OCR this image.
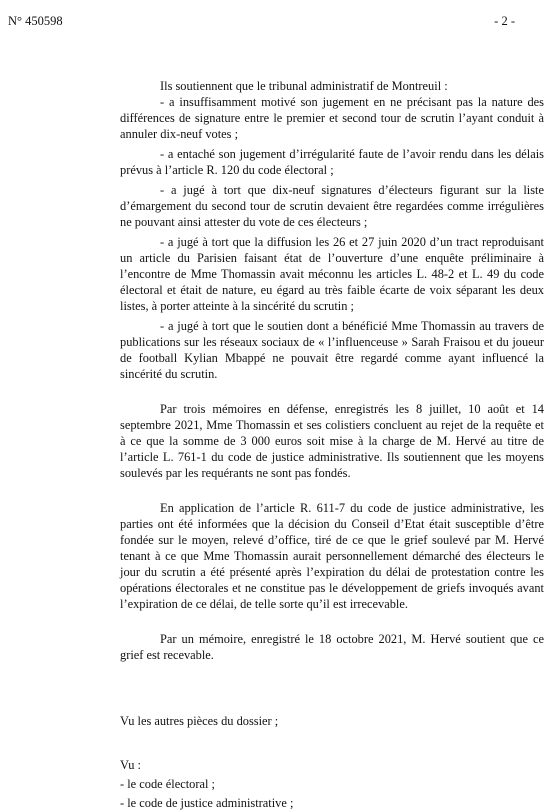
N° 450598	- 2 -

Ils soutiennent que le tribunal administratif de Montreuil :

- a insuffisamment motivé son jugement en ne précisant pas la nature des différences de signature entre le premier et second tour de scrutin l’ayant conduit à annuler dix-neuf votes ;

- a entaché son jugement d’irrégularité faute de l’avoir rendu dans les délais prévus à l’article R. 120 du code électoral ;

- a jugé à tort que dix-neuf signatures d’électeurs figurant sur la liste d’émargement du second tour de scrutin devaient être regardées comme irrégulières ne pouvant ainsi attester du vote de ces électeurs ;

- a jugé à tort que la diffusion les 26 et 27 juin 2020 d’un tract reproduisant un article du Parisien faisant état de l’ouverture d’une enquête préliminaire à l’encontre de Mme Thomassin avait méconnu les articles L. 48-2 et L. 49 du code électoral et était de nature, eu égard au très faible écarte de voix séparant les deux listes, à porter atteinte à la sincérité du scrutin ;

- a jugé à tort que le soutien dont a bénéficié Mme Thomassin au travers de publications sur les réseaux sociaux de « l’influenceuse » Sarah Fraisou et du joueur de football Kylian Mbappé ne pouvait être regardé comme ayant influencé la sincérité du scrutin.

Par trois mémoires en défense, enregistrés les 8 juillet, 10 août et 14 septembre 2021, Mme Thomassin et ses colistiers concluent au rejet de la requête et à ce que la somme de 3 000 euros soit mise à la charge de M. Hervé au titre de l’article L. 761-1 du code de justice administrative. Ils soutiennent que les moyens soulevés par les requérants ne sont pas fondés.

En application de l’article R. 611-7 du code de justice administrative, les parties ont été informées que la décision du Conseil d’Etat était susceptible d’être fondée sur le moyen, relevé d’office, tiré de ce que le grief soulevé par M. Hervé tenant à ce que Mme Thomassin aurait personnellement démarché des électeurs le jour du scrutin a été présenté après l’expiration du délai de protestation contre les opérations électorales et ne constitue pas le développement de griefs invoqués avant l’expiration de ce délai, de telle sorte qu’il est irrecevable.

Par un mémoire, enregistré le 18 octobre 2021, M. Hervé soutient que ce grief est recevable.

Vu les autres pièces du dossier ;

Vu :

- le code électoral ;

- le code de justice administrative ;
